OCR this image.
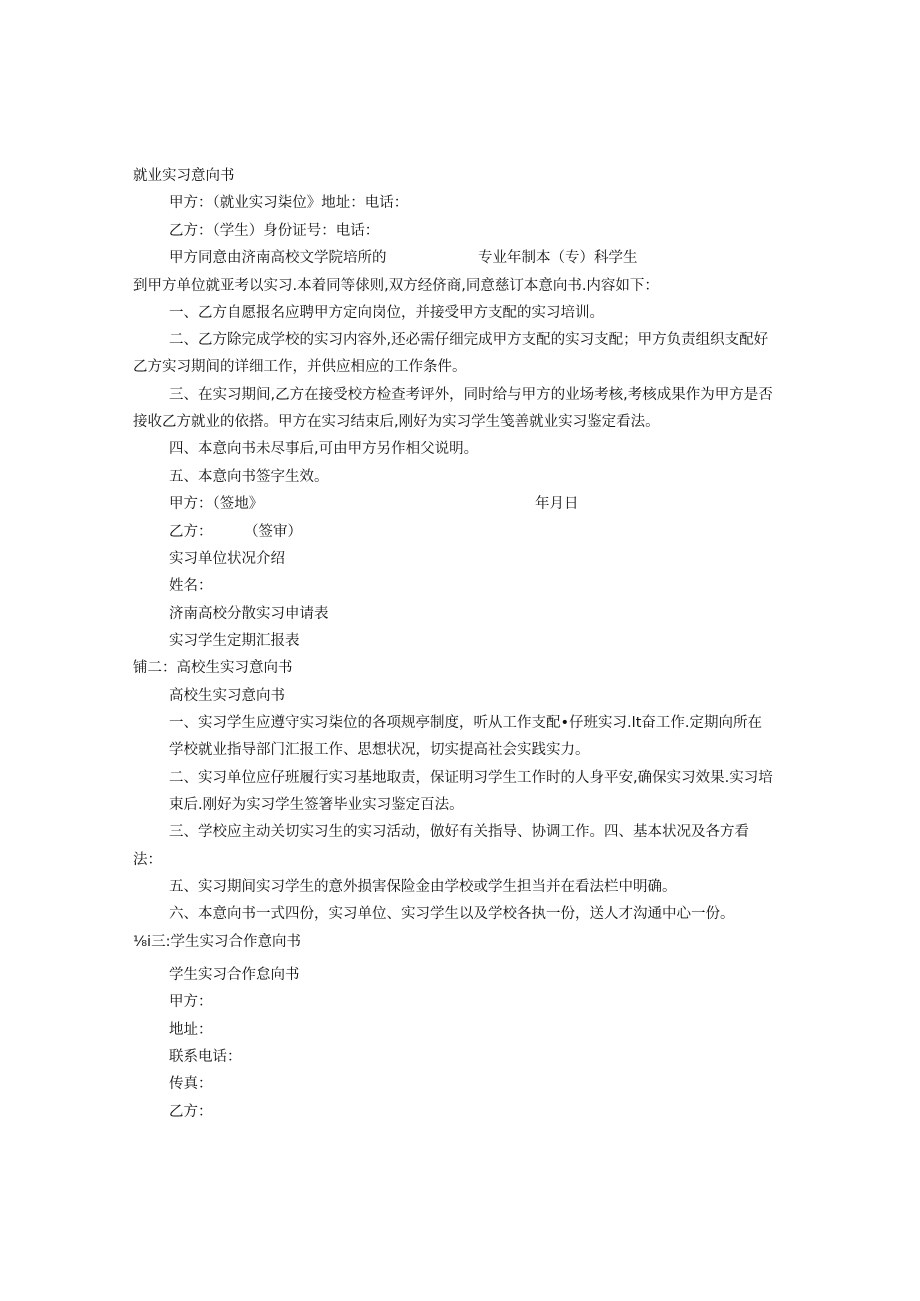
就业实习意向书
甲方：（就业实习柒位》地址：电话：
乙方：（学生）身份证号：电话：
甲方同意由济南高校文学院培所的	专业年制本（专）科学生
到甲方单位就亚考以实习.本着同等俅则,双方经侪商,同意慈订本意向书.内容如下：
一、乙方自愿报名应聘甲方定向岗位，并接受甲方支配的实习培训。
二、乙方除完成学校的实习内容外,还必需仔细完成甲方支配的实习支配；甲方负责组织支配好
乙方实习期间的详细工作，并供应相应的工作条件。
三、在实习期间,乙方在接受校方检查考评外，同时给与甲方的业场考核,考核成果作为甲方是否
接收乙方就业的依搭。甲方在实习结束后,刚好为实习学生笺善就业实习鉴定看法。
四、本意向书未尽事后,可由甲方另作相父说明。
五、本意向书签字生效。
甲方：（签地》	年月日
乙方： （签审）
实习单位状况介绍
姓名：
济南高校分散实习申请表
实习学生定期汇报表
铺二：高校生实习意向书
高校生实习意向书
一、实习学生应遵守实习柒位的各项规亭制度，听从工作支配•仔班实习.lt奋工作.定期向所在
学校就业指导部门汇报工作、思想状况，切实提高社会实践实力。
二、实习单位应仔班履行实习基地取责，保证明习学生工作时的人身平安,确保实习效果.实习培
束后.刚好为实习学生签箸毕业实习鉴定百法。
三、学校应主动关切实习生的实习活动，倣好有关指导、协调工作。四、基本状况及各方看
法：
五、实习期间实习学生的意外损害保险金由学校或学生担当并在看法栏中明确。
六、本意向书一式四份，实习单位、实习学生以及学校各执一份，送人才沟通中心一份。
⅛i三:学生实习合作意向书
学生实习合作怠向书
甲方：
地址：
联系电话：
传真：
乙方：
